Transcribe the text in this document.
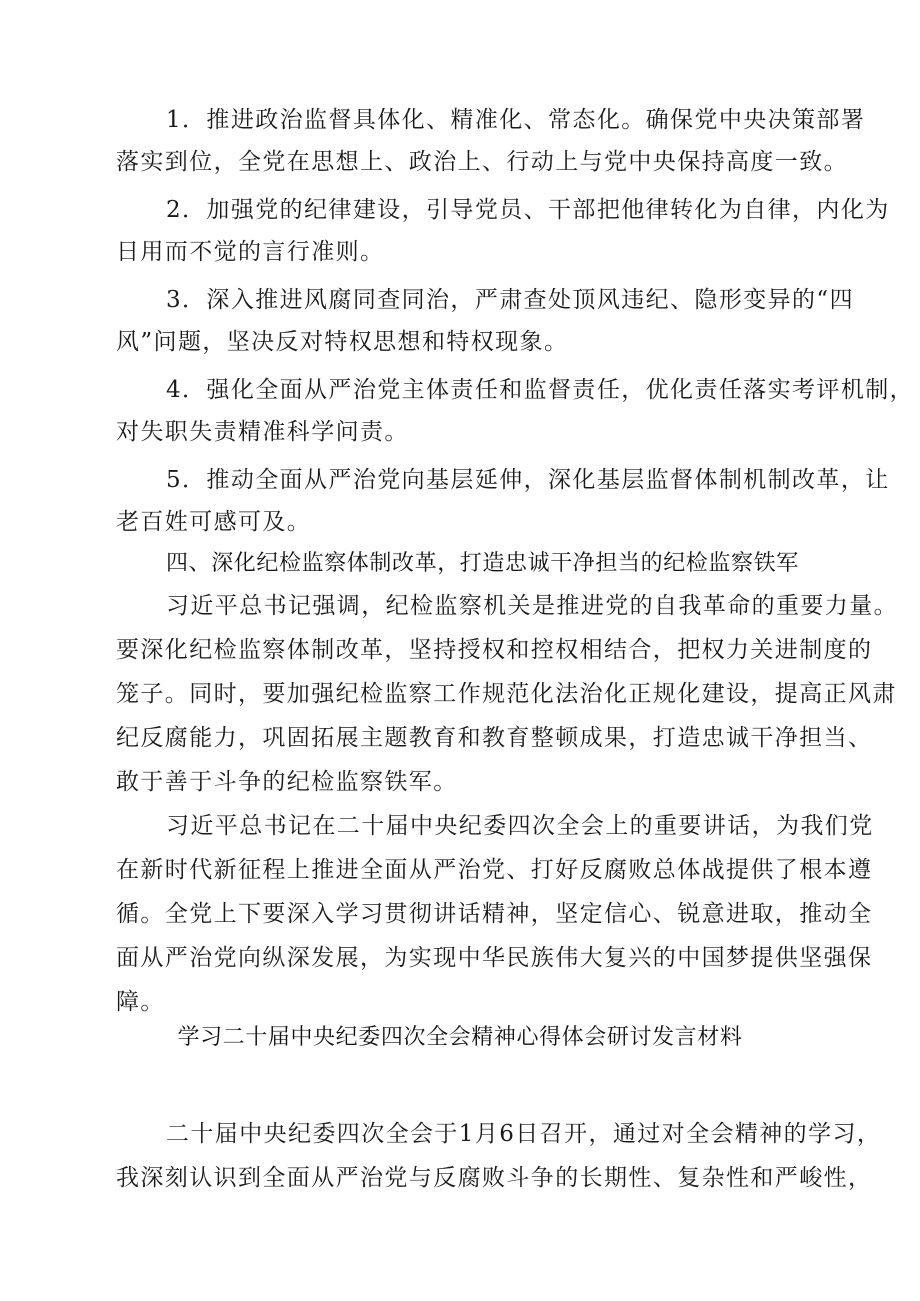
1．推进政治监督具体化、精准化、常态化。确保党中央决策部署
落实到位，全党在思想上、政治上、行动上与党中央保持高度一致。
2．加强党的纪律建设，引导党员、干部把他律转化为自律，内化为
日用而不觉的言行准则。
3．深入推进风腐同查同治，严肃查处顶风违纪、隐形变异的“四
风”问题，坚决反对特权思想和特权现象。
4．强化全面从严治党主体责任和监督责任，优化责任落实考评机制，
对失职失责精准科学问责。
5．推动全面从严治党向基层延伸，深化基层监督体制机制改革，让
老百姓可感可及。
四、深化纪检监察体制改革，打造忠诚干净担当的纪检监察铁军
习近平总书记强调，纪检监察机关是推进党的自我革命的重要力量。
要深化纪检监察体制改革，坚持授权和控权相结合，把权力关进制度的
笼子。同时，要加强纪检监察工作规范化法治化正规化建设，提高正风肃
纪反腐能力，巩固拓展主题教育和教育整顿成果，打造忠诚干净担当、
敢于善于斗争的纪检监察铁军。
习近平总书记在二十届中央纪委四次全会上的重要讲话，为我们党
在新时代新征程上推进全面从严治党、打好反腐败总体战提供了根本遵
循。全党上下要深入学习贯彻讲话精神，坚定信心、锐意进取，推动全
面从严治党向纵深发展，为实现中华民族伟大复兴的中国梦提供坚强保
障。
学习二十届中央纪委四次全会精神心得体会研讨发言材料
二十届中央纪委四次全会于1月6日召开，通过对全会精神的学习，
我深刻认识到全面从严治党与反腐败斗争的长期性、复杂性和严峻性，
